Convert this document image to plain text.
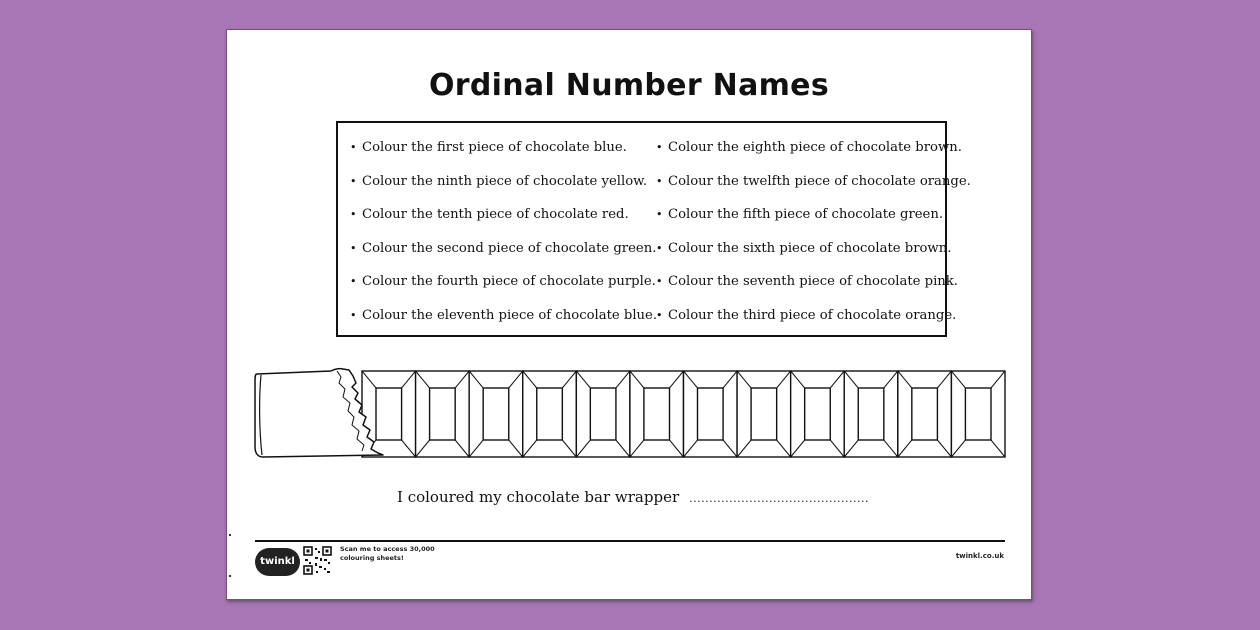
Ordinal Number Names
• Colour the first piece of chocolate blue.
• Colour the ninth piece of chocolate yellow.
• Colour the tenth piece of chocolate red.
• Colour the second piece of chocolate green.
• Colour the fourth piece of chocolate purple.
• Colour the eleventh piece of chocolate blue.
• Colour the eighth piece of chocolate brown.
• Colour the twelfth piece of chocolate orange.
• Colour the fifth piece of chocolate green.
• Colour the sixth piece of chocolate brown.
• Colour the seventh piece of chocolate pink.
• Colour the third piece of chocolate orange.
I coloured my chocolate bar wrapper .............................................
twinkl
Scan me to access 30,000
colouring sheets!	twinkl.co.uk
